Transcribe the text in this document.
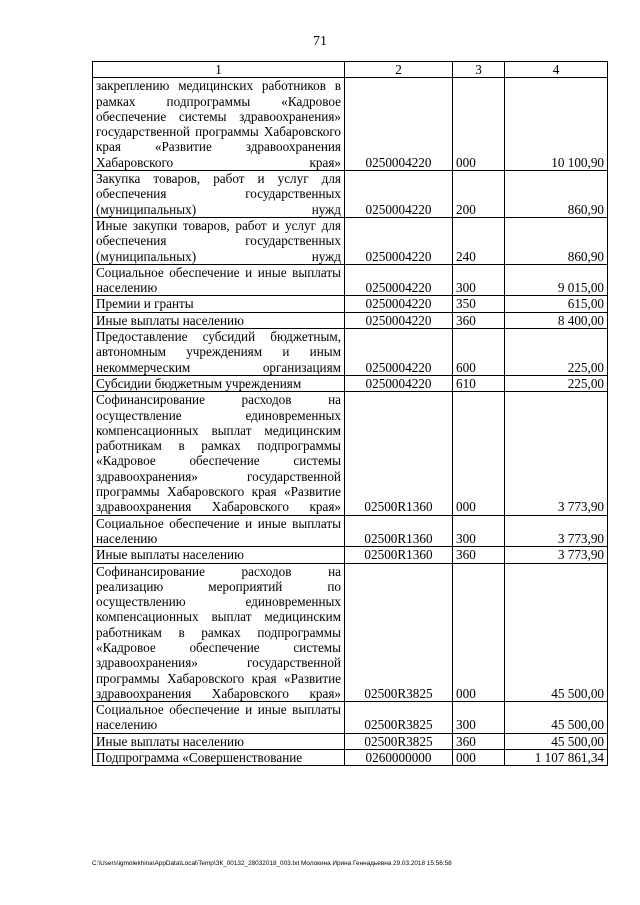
71
1	2	3	4
закреплению медицинских работников в рамках подпрограммы «Кадровое обеспечение системы здравоохранения» государственной программы Хабаровского края «Развитие здравоохранения Хабаровского края»	0250004220	000	10 100,90
Закупка товаров, работ и услуг для обеспечения государственных (муниципальных) нужд	0250004220	200	860,90
Иные закупки товаров, работ и услуг для обеспечения государственных (муниципальных) нужд	0250004220	240	860,90
Социальное обеспечение и иные выплаты населению	0250004220	300	9 015,00
Премии и гранты	0250004220	350	615,00
Иные выплаты населению	0250004220	360	8 400,00
Предоставление субсидий бюджетным, автономным учреждениям и иным некоммерческим организациям	0250004220	600	225,00
Субсидии бюджетным учреждениям	0250004220	610	225,00
Софинансирование расходов на осуществление единовременных компенсационных выплат медицинским работникам в рамках подпрограммы «Кадровое обеспечение системы здравоохранения» государственной программы Хабаровского края «Развитие здравоохранения Хабаровского края»	02500R1360	000	3 773,90
Социальное обеспечение и иные выплаты населению	02500R1360	300	3 773,90
Иные выплаты населению	02500R1360	360	3 773,90
Софинансирование расходов на реализацию мероприятий по осуществлению единовременных компенсационных выплат медицинским работникам в рамках подпрограммы «Кадровое обеспечение системы здравоохранения» государственной программы Хабаровского края «Развитие здравоохранения Хабаровского края»	02500R3825	000	45 500,00
Социальное обеспечение и иные выплаты населению	02500R3825	300	45 500,00
Иные выплаты населению	02500R3825	360	45 500,00
Подпрограмма «Совершенствование	0260000000	000	1 107 861,34
C:\Users\igmolekhina\AppData\Local\Temp\ЗК_00132_28032018_003.txt Молокина Ирина Геннадьевна 29.03.2018 15:56:58
